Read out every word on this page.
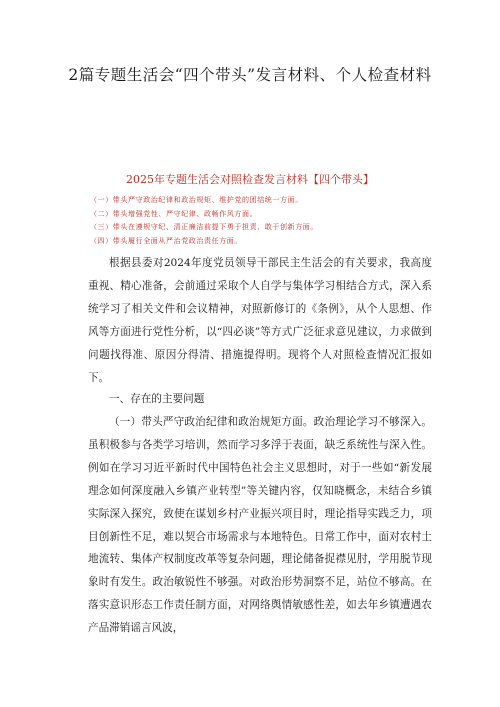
2篇专题生活会“四个带头”发言材料、个人检查材料
2025年专题生活会对照检查发言材料【四个带头】
（一）带头严守政治纪律和政治规矩、维护党的团结统一方面。
（二）带头增强党性、严守纪律、政畅作风方面。
（三）带头在遵规守纪、清正廉洁前提下勇于担责、敢于创新方面。
（四）带头履行全面从严治党政治责任方面。

根据县委对2024年度党员领导干部民主生活会的有关要求，我高度重视、精心准备，会前通过采取个人自学与集体学习相结合方式，深入系统学习了相关文件和会议精神，对照新修订的《条例》，从个人思想、作风等方面进行党性分析，以“四必谈”等方式广泛征求意见建议，力求做到问题找得准、原因分得清、措施提得明。现将个人对照检查情况汇报如下。

一、存在的主要问题

（一）带头严守政治纪律和政治规矩方面。政治理论学习不够深入。虽积极参与各类学习培训，然而学习多浮于表面，缺乏系统性与深入性。例如在学习习近平新时代中国特色社会主义思想时，对于一些如“新发展理念如何深度融入乡镇产业转型”等关键内容，仅知晓概念，未结合乡镇实际深入探究，致使在谋划乡村产业振兴项目时，理论指导实践乏力，项目创新性不足，难以契合市场需求与本地特色。日常工作中，面对农村土地流转、集体产权制度改革等复杂问题，理论储备捉襟见肘，学用脱节现象时有发生。政治敏锐性不够强。对政治形势洞察不足，站位不够高。在落实意识形态工作责任制方面，对网络舆情敏感性差，如去年乡镇遭遇农产品滞销谣言风波，
